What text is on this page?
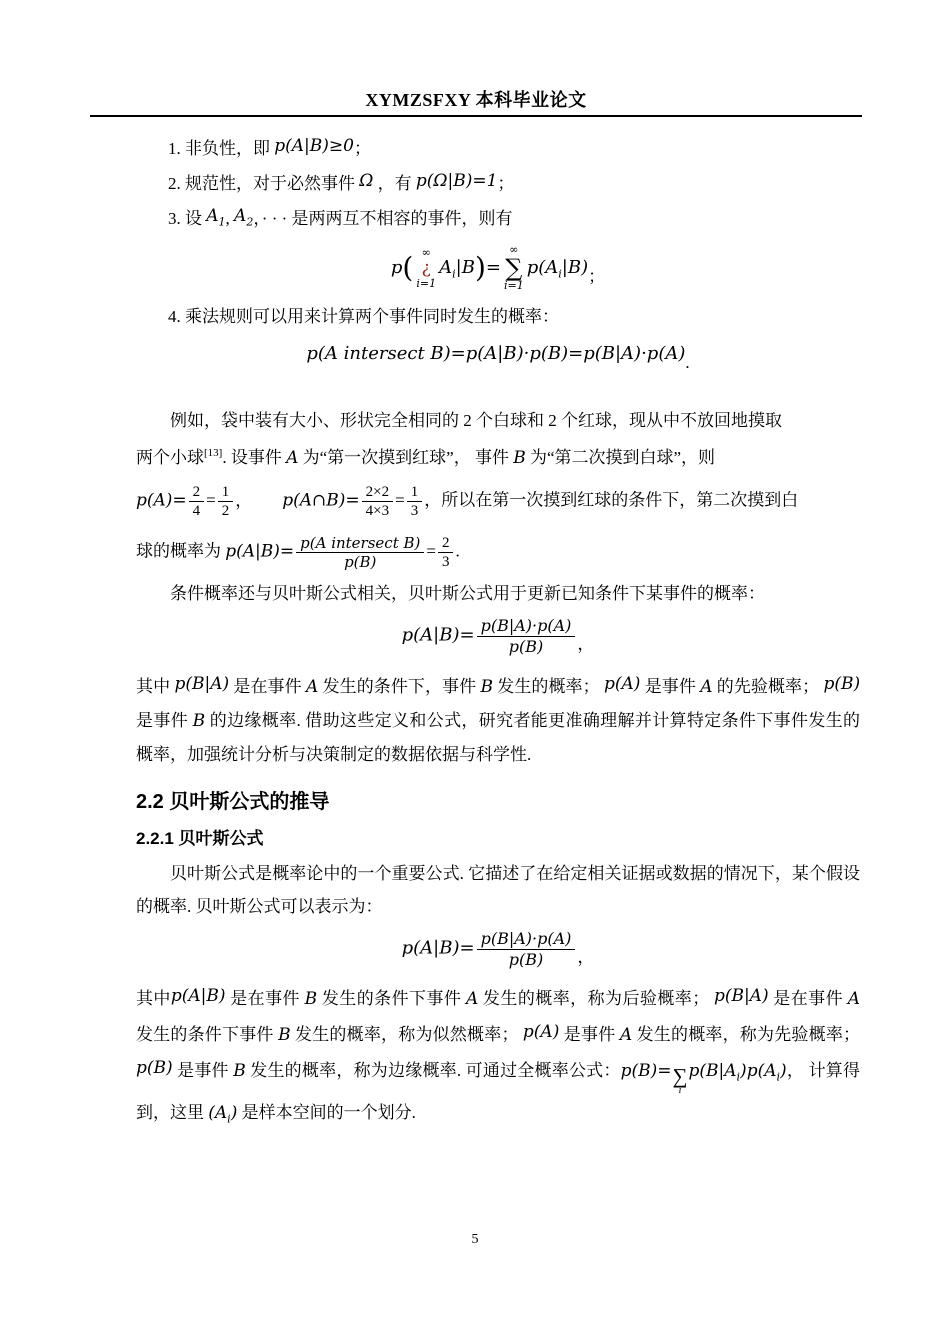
XYMZSFXY 本科毕业论文

1. 非负性，即 p(A|B)≥0；

2. 规范性，对于必然事件 Ω ，有 p(Ω|B)=1；

3. 设 $A_1$, $A_2$，· · · 是两两互不相容的事件，则有

p( ∞
¿
i=1
$A_i|B)=$
∞
∑
i=1
$p(A_i|B)$；

4. 乘法规则可以用来计算两个事件同时发生的概率：

p(A intersect B)=p(A|B)·p(B)=p(B|A)·p(A).

例如，袋中装有大小、形状完全相同的 2 个白球和 2 个红球，现从中不放回地摸取

两个小球[13]. 设事件 A 为“第一次摸到红球”， 事件 B 为“第二次摸到白球”，则

$p(A)= \frac{2}{4} = \frac{1}{2}$ ， p(A∩B)= $\frac{2\times 2}{4\times 3} = \frac{1}{3}$ ，所以在第一次摸到红球的条件下，第二次摸到白

球的概率为 $p(A|B)= \frac{\text{p(A intersect B)}}{p(B)} = \frac{2}{3}$ .

条件概率还与贝叶斯公式相关，贝叶斯公式用于更新已知条件下某事件的概率：

$p(A|B)= \frac{p(B|A)\cdot p(A)}{p(B)}$ ，

其中 p(B|A) 是在事件 A 发生的条件下，事件 B 发生的概率； p(A) 是事件 A 的先验概率； p(B) 是事件 B 的边缘概率. 借助这些定义和公式，研究者能更准确理解并计算特定条件下事件发生的概率，加强统计分析与决策制定的数据依据与科学性.

2.2 贝叶斯公式的推导
2.2.1 贝叶斯公式

贝叶斯公式是概率论中的一个重要公式. 它描述了在给定相关证据或数据的情况下，某个假设的概率. 贝叶斯公式可以表示为：

$p(A|B)= \frac{p(B|A)\cdot p(A)}{p(B)}$ ，

其中p(A|B) 是在事件 B 发生的条件下事件 A 发生的概率，称为后验概率； p(B|A) 是在事件 A 发生的条件下事件 B 发生的概率，称为似然概率； p(A) 是事件 A 发生的概率，称为先验概率； p(B) 是事件 B 发生的概率，称为边缘概率. 可通过全概率公式：p(B)= ∑
i
$p(B|A_i)p(A_i)$， 计算得到，这里 $(A_i)$ 是样本空间的一个划分.

5
